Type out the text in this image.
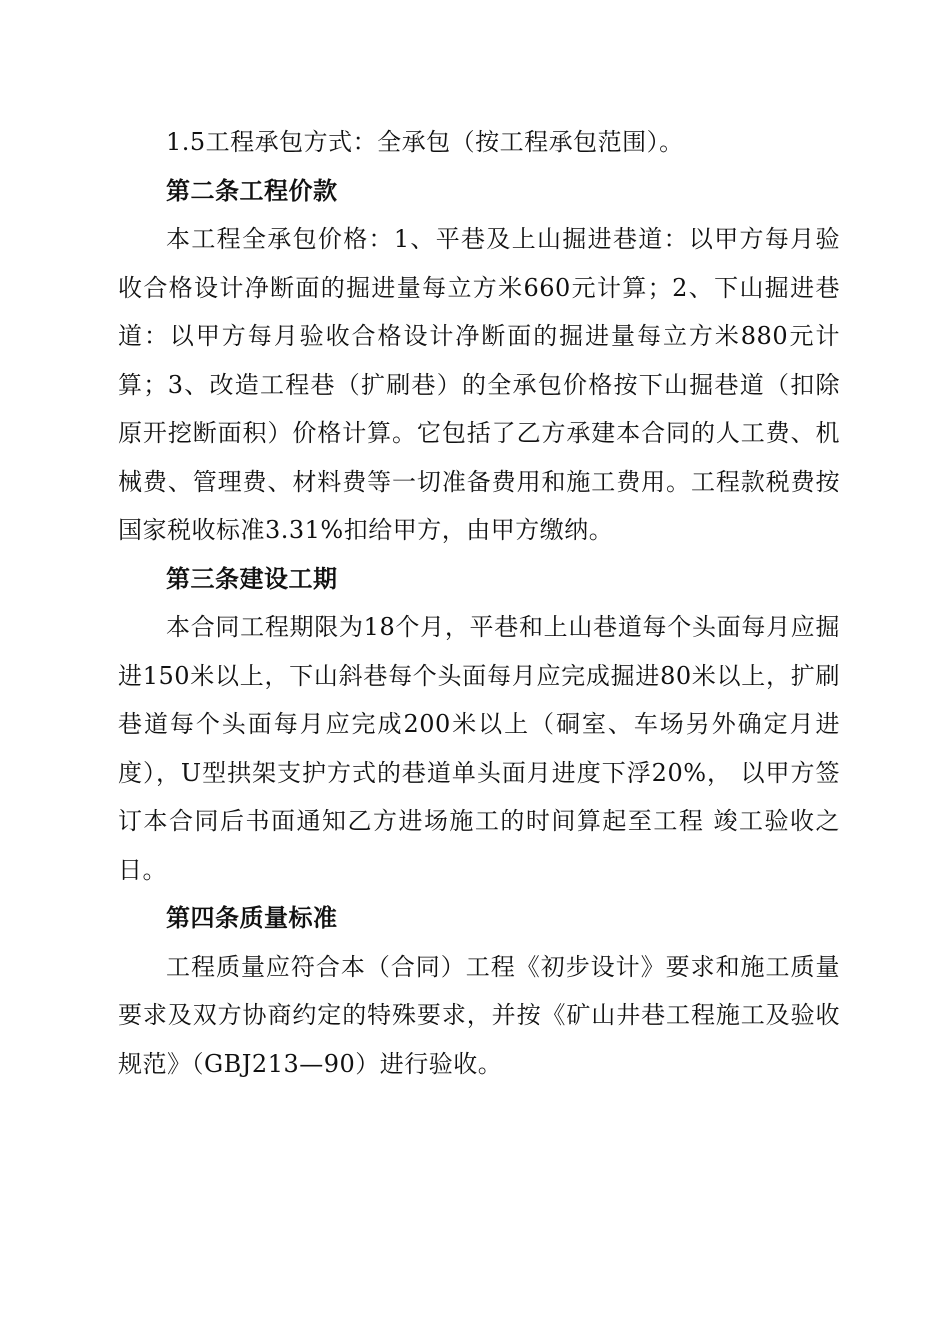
1.5工程承包方式：全承包（按工程承包范围）。

第二条工程价款

本工程全承包价格：1、平巷及上山掘进巷道：以甲方每月验收合格设计净断面的掘进量每立方米660元计算；2、下山掘进巷道：以甲方每月验收合格设计净断面的掘进量每立方米880元计算；3、改造工程巷（扩刷巷）的全承包价格按下山掘巷道（扣除原开挖断面积）价格计算。它包括了乙方承建本合同的人工费、机械费、管理费、材料费等一切准备费用和施工费用。工程款税费按国家税收标准3.31%扣给甲方，由甲方缴纳。

第三条建设工期

本合同工程期限为18个月，平巷和上山巷道每个头面每月应掘进150米以上，下山斜巷每个头面每月应完成掘进80米以上，扩刷巷道每个头面每月应完成200米以上（硐室、车场另外确定月进度），U型拱架支护方式的巷道单头面月进度下浮20%， 以甲方签订本合同后书面通知乙方进场施工的时间算起至工程 竣工验收之日。

第四条质量标准

工程质量应符合本（合同）工程《初步设计》要求和施工质量要求及双方协商约定的特殊要求，并按《矿山井巷工程施工及验收规范》（GBJ213—90）进行验收。
